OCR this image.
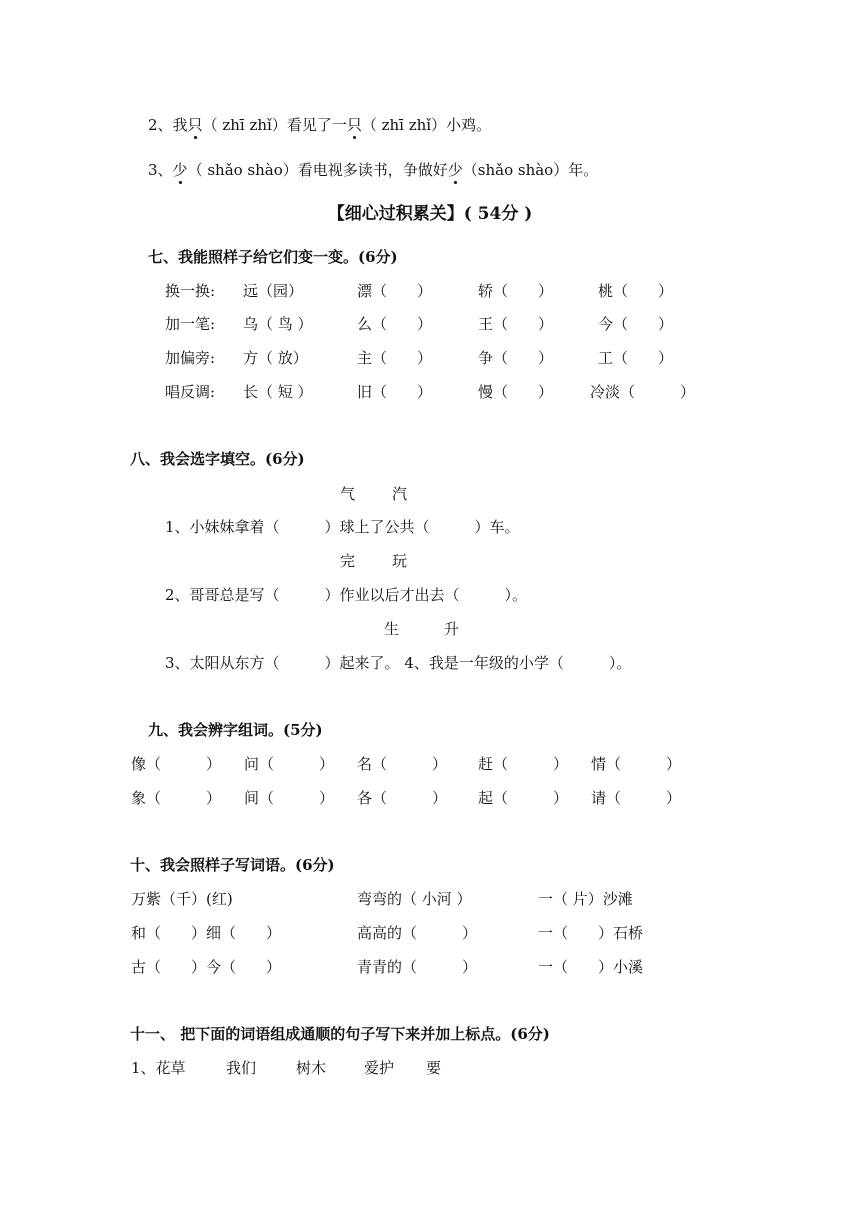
2、我只（ zhī zhǐ）看见了一只（ zhī zhǐ）小鸡。
3、少（ shǎo shào）看电视多读书，争做好少（shǎo shào）年。
【细心过积累关】( 54分 )
七、我能照样子给它们变一变。(6分)
换一换: 远（园）	漂（　　）	轿（　　）	桃（　　）
加一笔: 乌（ 鸟 ）	么（　　）	王（　　）	今（　　）
加偏旁: 方（ 放）	主（　　）	争（　　）	工（　　）
唱反调: 长（ 短 ）	旧（　　）	慢（　　） 冷淡（　　　）
八、我会选字填空。(6分)
气 汽
1、小妹妹拿着（　　　）球上了公共（　　　）车。
完 玩
2、哥哥总是写（　　　）作业以后才出去（　　　）。
生	升
3、太阳从东方（　　　）起来了。 4、我是一年级的小学（　　　）。
九、我会辨字组词。(5分)
像（　　　） 问（　　　） 名（　　　） 赶（　　　） 情（　　　）
象（　　　） 间（　　　） 各（　　　） 起（　　　） 请（　　　）
十、我会照样子写词语。(6分)
万紫（千）(红)	弯弯的（ 小河 ）	一（ 片）沙滩
和（　　）细（　　）	高高的（　　　）	一（　　）石桥
古（　　）今（　　）	青青的（　　　）	一（　　）小溪
十一、 把下面的词语组成通顺的句子写下来并加上标点。(6分)
1、花草	我们	树木	爱护 要
